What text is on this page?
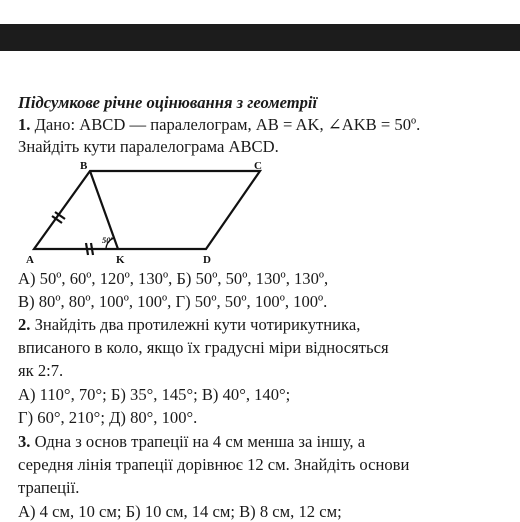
Підсумкове річне оцінювання з геометрії
1. Дано: ABCD — паралелограм, AB = AK, ∠AKB = 50º.
Знайдіть кути паралелограма ABCD.
B	C
A	K	D
50º
А) 50º, 60º, 120º, 130º, Б) 50º, 50º, 130º, 130º,
В) 80º, 80º, 100º, 100º, Г) 50º, 50º, 100º, 100º.
2. Знайдіть два протилежні кути чотирикутника,
вписаного в коло, якщо їх градусні міри відносяться
як 2:7.
А) 110°, 70°; Б) 35°, 145°; В) 40°, 140°;
Г) 60°, 210°; Д) 80°, 100°.
3. Одна з основ трапеції на 4 см менша за іншу, а
середня лінія трапеції дорівнює 12 см. Знайдіть основи
трапеції.
А) 4 см, 10 см; Б) 10 см, 14 см; В) 8 см, 12 см;
